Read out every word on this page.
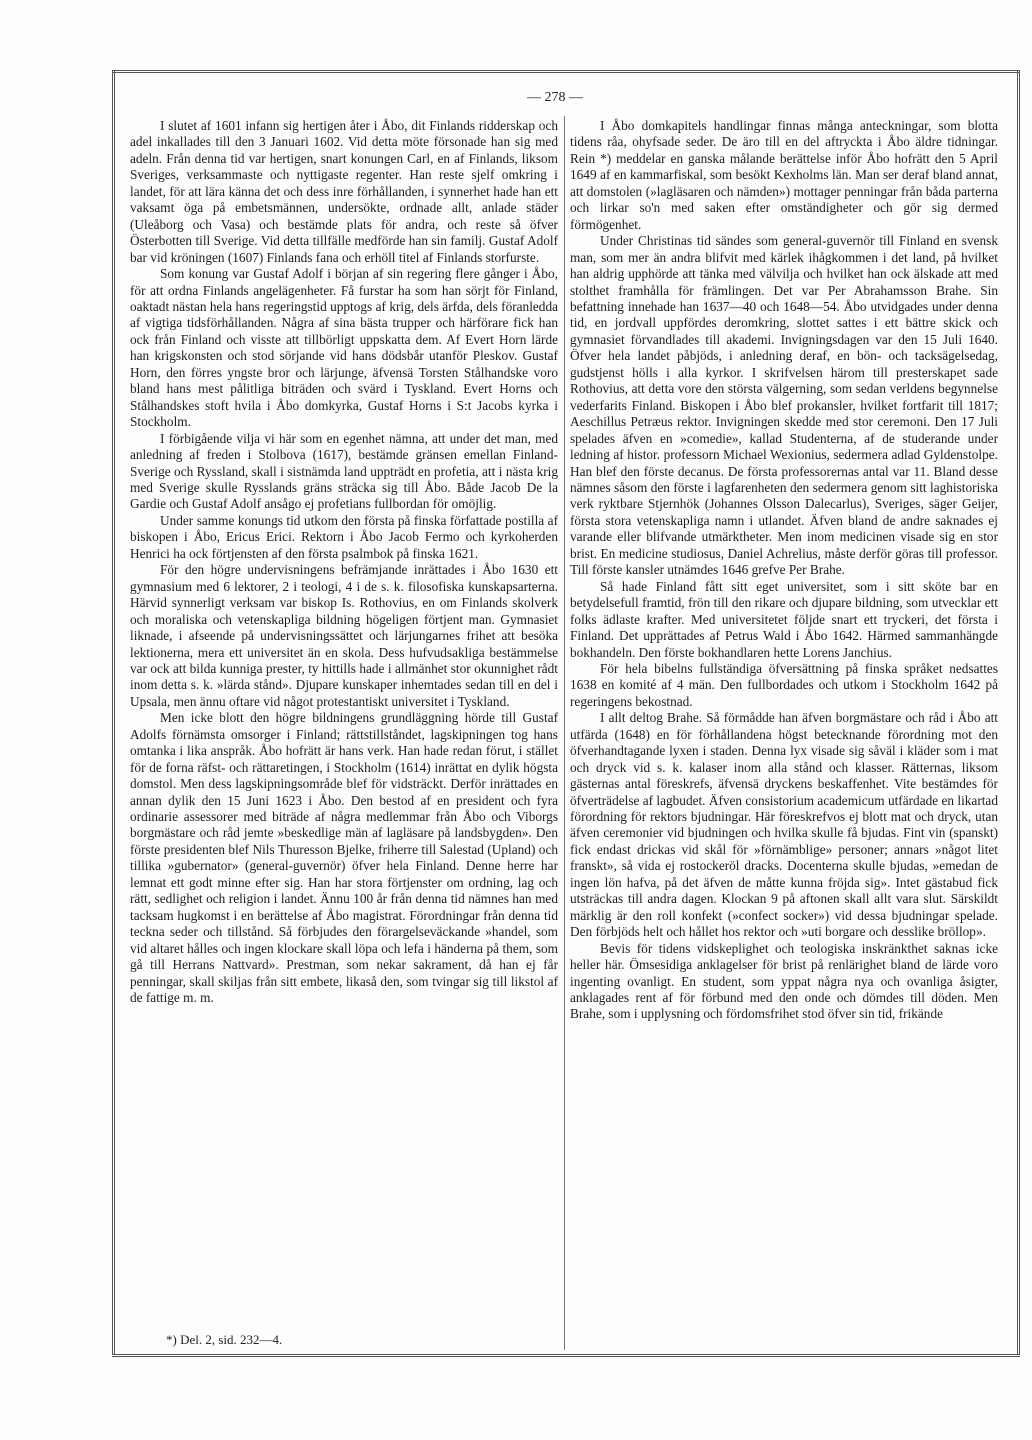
— 278 —

I slutet af 1601 infann sig hertigen åter i Åbo, dit Finlands ridderskap och adel inkallades till den 3 Januari 1602. Vid detta möte försonade han sig med adeln. Från denna tid var hertigen, snart konungen Carl, en af Finlands, liksom Sveriges, verksammaste och nyttigaste regenter. Han reste sjelf omkring i landet, för att lära känna det och dess inre förhållanden, i synnerhet hade han ett vaksamt öga på embetsmännen, undersökte, ordnade allt, anlade städer (Uleåborg och Vasa) och bestämde plats för andra, och reste så öfver Österbotten till Sverige. Vid detta tillfälle medförde han sin familj. Gustaf Adolf bar vid kröningen (1607) Finlands fana och erhöll titel af Finlands storfurste.

Som konung var Gustaf Adolf i början af sin regering flere gånger i Åbo, för att ordna Finlands angelägenheter. Få furstar ha som han sörjt för Finland, oaktadt nästan hela hans regeringstid upptogs af krig, dels ärfda, dels föranledda af vigtiga tidsförhållanden. Några af sina bästa trupper och härförare fick han ock från Finland och visste att tillbörligt uppskatta dem. Af Evert Horn lärde han krigskonsten och stod sörjande vid hans dödsbår utanför Pleskov. Gustaf Horn, den förres yngste bror och lärjunge, äfvensä Torsten Stålhandske voro bland hans mest pålitliga biträden och svärd i Tyskland. Evert Horns och Stålhandskes stoft hvila i Åbo domkyrka, Gustaf Horns i S:t Jacobs kyrka i Stockholm.

I förbigående vilja vi här som en egenhet nämna, att under det man, med anledning af freden i Stolbova (1617), bestämde gränsen emellan Finland-Sverige och Ryssland, skall i sistnämda land uppträdt en profetia, att i nästa krig med Sverige skulle Rysslands gräns sträcka sig till Åbo. Både Jacob De la Gardie och Gustaf Adolf ansågo ej profetians fullbordan för omöjlig.

Under samme konungs tid utkom den första på finska författade postilla af biskopen i Åbo, Ericus Erici. Rektorn i Åbo Jacob Fermo och kyrkoherden Henrici ha ock förtjensten af den första psalmbok på finska 1621.

För den högre undervisningens befrämjande inrättades i Åbo 1630 ett gymnasium med 6 lektorer, 2 i teologi, 4 i de s. k. filosofiska kunskapsarterna. Härvid synnerligt verksam var biskop Is. Rothovius, en om Finlands skolverk och moraliska och vetenskapliga bildning högeligen förtjent man. Gymnasiet liknade, i afseende på undervisningssättet och lärjungarnes frihet att besöka lektionerna, mera ett universitet än en skola. Dess hufvudsakliga bestämmelse var ock att bilda kunniga prester, ty hittills hade i allmänhet stor okunnighet rådt inom detta s. k. »lärda stånd». Djupare kunskaper inhemtades sedan till en del i Upsala, men ännu oftare vid något protestantiskt universitet i Tyskland.

Men icke blott den högre bildningens grundläggning hörde till Gustaf Adolfs förnämsta omsorger i Finland; rättstillståndet, lagskipningen tog hans omtanka i lika anspråk. Åbo hofrätt är hans verk. Han hade redan förut, i stället för de forna räfst- och rättaretingen, i Stockholm (1614) inrättat en dylik högsta domstol. Men dess lagskipningsområde blef för vidsträckt. Derför inrättades en annan dylik den 15 Juni 1623 i Åbo. Den bestod af en president och fyra ordinarie assessorer med biträde af några medlemmar från Åbo och Viborgs borgmästare och råd jemte »beskedlige män af lagläsare på landsbygden». Den förste presidenten blef Nils Thuresson Bjelke, friherre till Salestad (Upland) och tillika »gubernator» (general-guvernör) öfver hela Finland. Denne herre har lemnat ett godt minne efter sig. Han har stora förtjenster om ordning, lag och rätt, sedlighet och religion i landet. Ännu 100 år från denna tid nämnes han med tacksam hugkomst i en berättelse af Åbo magistrat. Förordningar från denna tid teckna seder och tillstånd. Så förbjudes den förargelseväckande »handel, som vid altaret hålles och ingen klockare skall löpa och lefa i händerna på them, som gå till Herrans Nattvard». Prestman, som nekar sakrament, då han ej får penningar, skall skiljas från sitt embete, likaså den, som tvingar sig till likstol af de fattige m. m.

I Åbo domkapitels handlingar finnas många anteckningar, som blotta tidens råa, ohyfsade seder. De äro till en del aftryckta i Åbo äldre tidningar. Rein *) meddelar en ganska målande berättelse inför Åbo hofrätt den 5 April 1649 af en kammarfiskal, som besökt Kexholms län. Man ser deraf bland annat, att domstolen (»lagläsaren och nämden») mottager penningar från båda parterna och lirkar so'n med saken efter omständigheter och gör sig dermed förmögenhet.

Under Christinas tid sändes som general-guvernör till Finland en svensk man, som mer än andra blifvit med kärlek ihågkommen i det land, på hvilket han aldrig upphörde att tänka med välvilja och hvilket han ock älskade att med stolthet framhålla för främlingen. Det var Per Abrahamsson Brahe. Sin befattning innehade han 1637—40 och 1648—54. Åbo utvidgades under denna tid, en jordvall uppfördes deromkring, slottet sattes i ett bättre skick och gymnasiet förvandlades till akademi. Invigningsdagen var den 15 Juli 1640. Öfver hela landet påbjöds, i anledning deraf, en bön- och tacksägelsedag, gudstjenst hölls i alla kyrkor. I skrifvelsen härom till presterskapet sade Rothovius, att detta vore den största välgerning, som sedan verldens begynnelse vederfarits Finland. Biskopen i Åbo blef prokansler, hvilket fortfarit till 1817; Aeschillus Petræus rektor. Invigningen skedde med stor ceremoni. Den 17 Juli spelades äfven en »comedie», kallad Studenterna, af de studerande under ledning af histor. professorn Michael Wexionius, sedermera adlad Gyldenstolpe. Han blef den förste decanus. De första professorernas antal var 11. Bland desse nämnes såsom den förste i lagfarenheten den sedermera genom sitt laghistoriska verk ryktbare Stjernhök (Johannes Olsson Dalecarlus), Sveriges, säger Geijer, första stora vetenskapliga namn i utlandet. Äfven bland de andre saknades ej varande eller blifvande utmärktheter. Men inom medicinen visade sig en stor brist. En medicine studiosus, Daniel Achrelius, måste derför göras till professor. Till förste kansler utnämdes 1646 grefve Per Brahe.

Så hade Finland fått sitt eget universitet, som i sitt sköte bar en betydelsefull framtid, frön till den rikare och djupare bildning, som utvecklar ett folks ädlaste krafter. Med universitetet följde snart ett tryckeri, det första i Finland. Det upprättades af Petrus Wald i Åbo 1642. Härmed sammanhängde bokhandeln. Den förste bokhandlaren hette Lorens Janchius.

För hela bibelns fullständiga öfversättning på finska språket nedsattes 1638 en komité af 4 män. Den fullbordades och utkom i Stockholm 1642 på regeringens bekostnad.

I allt deltog Brahe. Så förmådde han äfven borgmästare och råd i Åbo att utfärda (1648) en för förhållandena högst betecknande förordning mot den öfverhandtagande lyxen i staden. Denna lyx visade sig såväl i kläder som i mat och dryck vid s. k. kalaser inom alla stånd och klasser. Rätternas, liksom gästernas antal föreskrefs, äfvensä dryckens beskaffenhet. Vite bestämdes för öfverträdelse af lagbudet. Äfven consistorium academicum utfärdade en likartad förordning för rektors bjudningar. Här föreskrefvos ej blott mat och dryck, utan äfven ceremonier vid bjudningen och hvilka skulle få bjudas. Fint vin (spanskt) fick endast drickas vid skål för »förnämblige» personer; annars »något litet franskt», så vida ej rostockeröl dracks. Docenterna skulle bjudas, »emedan de ingen lön hafva, på det äfven de måtte kunna fröjda sig». Intet gästabud fick utsträckas till andra dagen. Klockan 9 på aftonen skall allt vara slut. Särskildt märklig är den roll konfekt (»confect socker») vid dessa bjudningar spelade. Den förbjöds helt och hållet hos rektor och »uti borgare och desslike bröllop».

Bevis för tidens vidskeplighet och teologiska inskränkthet saknas icke heller här. Ömsesidiga anklagelser för brist på renlärighet bland de lärde voro ingenting ovanligt. En student, som yppat några nya och ovanliga åsigter, anklagades rent af för förbund med den onde och dömdes till döden. Men Brahe, som i upplysning och fördomsfrihet stod öfver sin tid, frikände

*) Del. 2, sid. 232—4.
